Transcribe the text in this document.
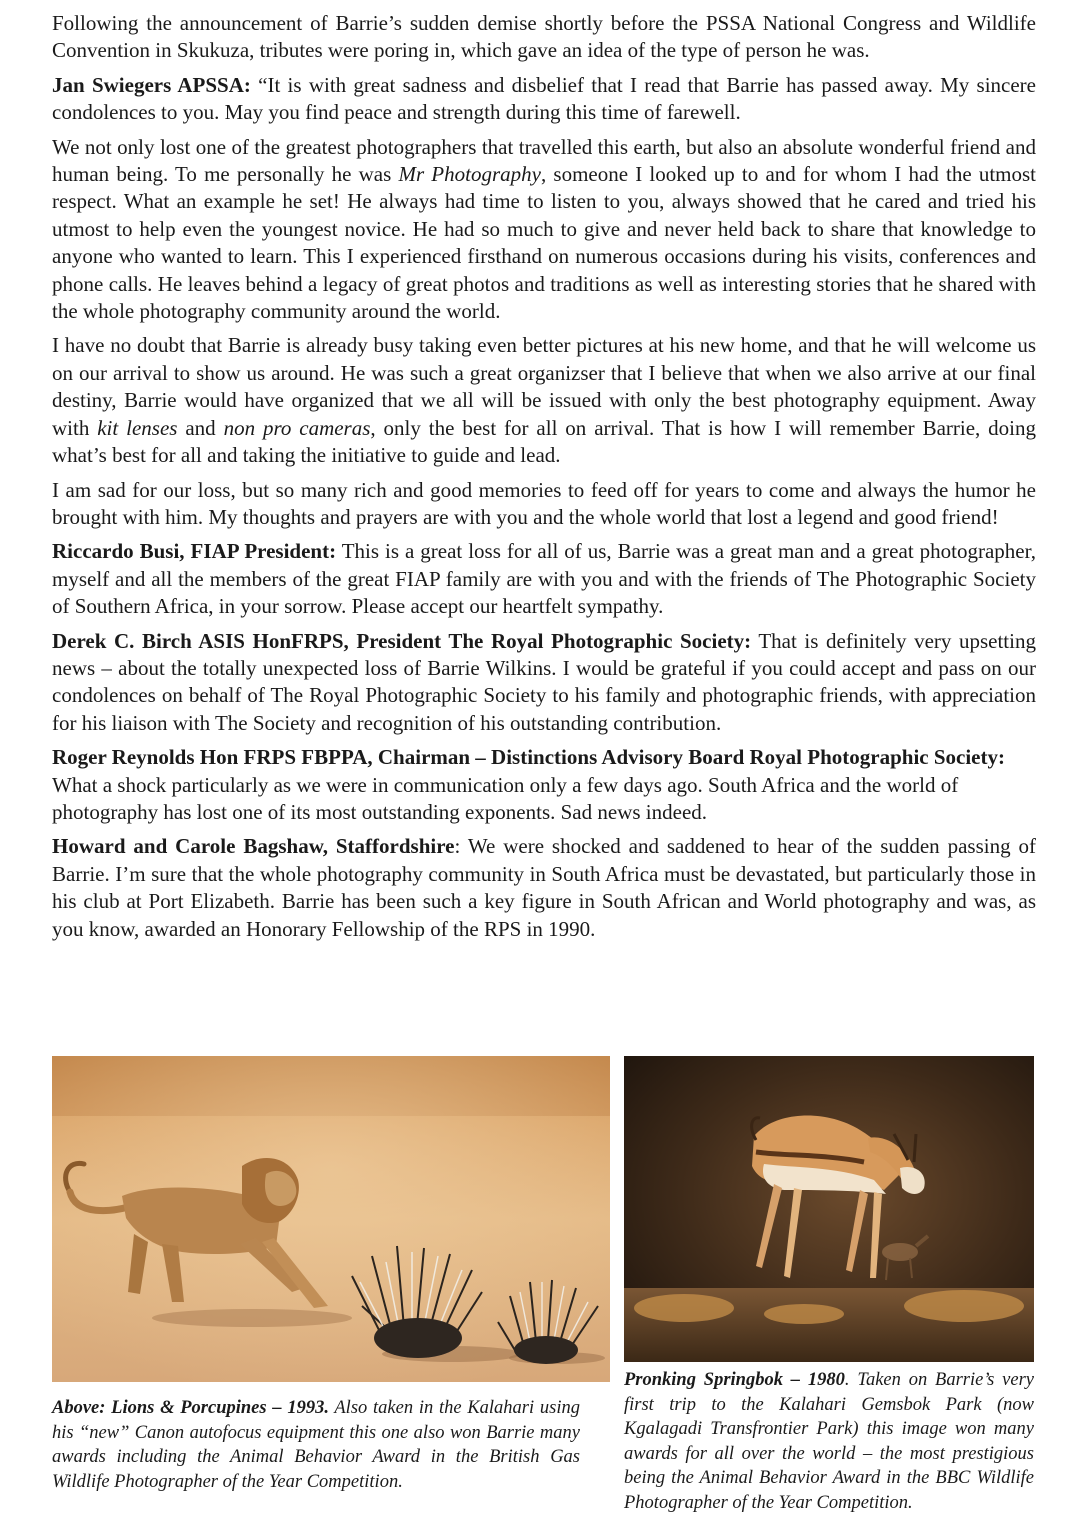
Following the announcement of Barrie’s sudden demise shortly before the PSSA National Congress and Wildlife Convention in Skukuza, tributes were poring in, which gave an idea of the type of person he was.

Jan Swiegers APSSA: “It is with great sadness and disbelief that I read that Barrie has passed away. My sincere condolences to you. May you find peace and strength during this time of farewell.

We not only lost one of the greatest photographers that travelled this earth, but also an absolute wonderful friend and human being. To me personally he was Mr Photography, someone I looked up to and for whom I had the utmost respect. What an example he set! He always had time to listen to you, always showed that he cared and tried his utmost to help even the youngest novice. He had so much to give and never held back to share that knowledge to anyone who wanted to learn. This I experienced firsthand on numerous occasions during his visits, conferences and phone calls. He leaves behind a legacy of great photos and traditions as well as interesting stories that he shared with the whole photography community around the world.

I have no doubt that Barrie is already busy taking even better pictures at his new home, and that he will welcome us on our arrival to show us around. He was such a great organizser that I believe that when we also arrive at our final destiny, Barrie would have organized that we all will be issued with only the best photography equipment. Away with kit lenses and non pro cameras, only the best for all on arrival. That is how I will remember Barrie, doing what’s best for all and taking the initiative to guide and lead.

I am sad for our loss, but so many rich and good memories to feed off for years to come and always the humor he brought with him. My thoughts and prayers are with you and the whole world that lost a legend and good friend!

Riccardo Busi, FIAP President: This is a great loss for all of us, Barrie was a great man and a great photographer, myself and all the members of the great FIAP family are with you and with the friends of The Photographic Society of Southern Africa, in your sorrow. Please accept our heartfelt sympathy.

Derek C. Birch ASIS HonFRPS, President The Royal Photographic Society: That is definitely very upsetting news – about the totally unexpected loss of Barrie Wilkins. I would be grateful if you could accept and pass on our condolences on behalf of The Royal Photographic Society to his family and photographic friends, with appreciation for his liaison with The Society and recognition of his outstanding contribution.

Roger Reynolds Hon FRPS FBPPA, Chairman – Distinctions Advisory Board Royal Photographic Society: What a shock particularly as we were in communication only a few days ago. South Africa and the world of photography has lost one of its most outstanding exponents. Sad news indeed.

Howard and Carole Bagshaw, Staffordshire: We were shocked and saddened to hear of the sudden passing of Barrie. I’m sure that the whole photography community in South Africa must be devastated, but particularly those in his club at Port Elizabeth. Barrie has been such a key figure in South African and World photography and was, as you know, awarded an Honorary Fellowship of the RPS in 1990.

Above: Lions & Porcupines – 1993. Also taken in the Kalahari using his “new” Canon autofocus equipment this one also won Barrie many awards including the Animal Behavior Award in the British Gas Wildlife Photographer of the Year Competition.
Pronking Springbok – 1980. Taken on Barrie’s very first trip to the Kalahari Gemsbok Park (now Kgalagadi Transfrontier Park) this image won many awards for all over the world – the most prestigious being the Animal Behavior Award in the BBC Wildlife Photographer of the Year Competition.
